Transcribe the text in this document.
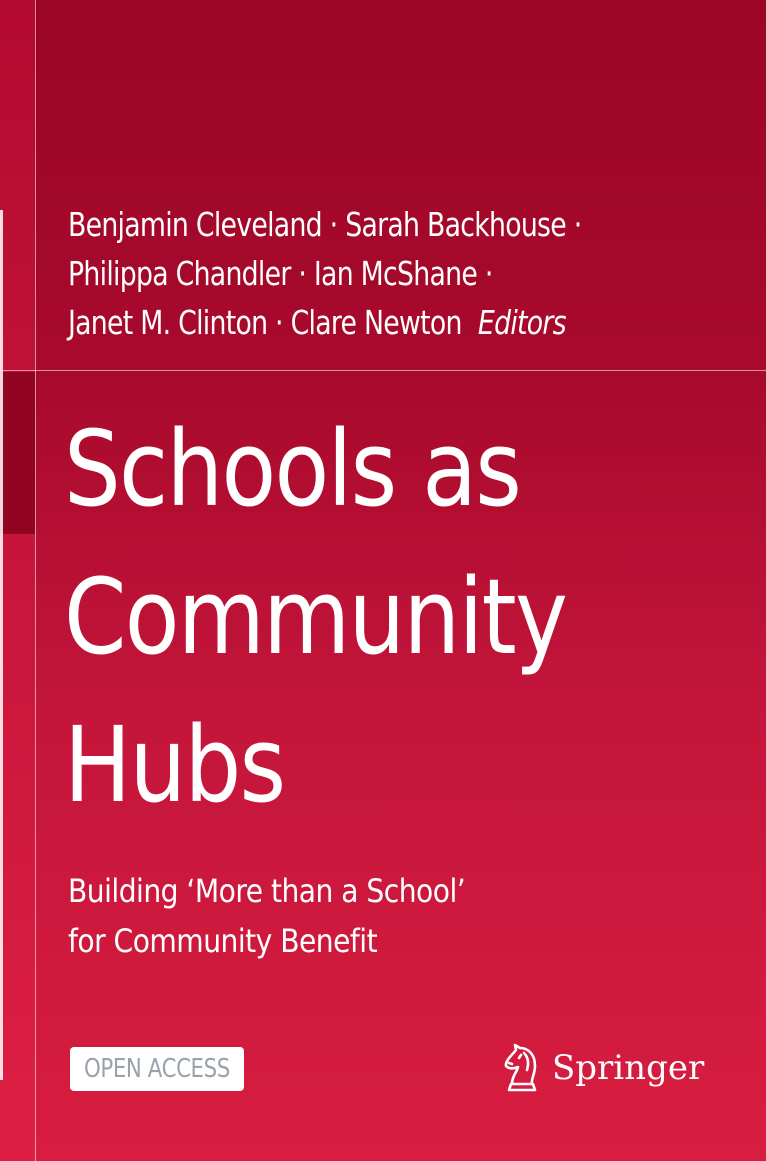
Benjamin Cleveland · Sarah Backhouse ·
Philippa Chandler · Ian McShane ·
Janet M. Clinton · Clare Newton Editors
Schools as
Community
Hubs
Building ‘More than a School’
for Community Benefit
OPEN ACCESS	Springer
